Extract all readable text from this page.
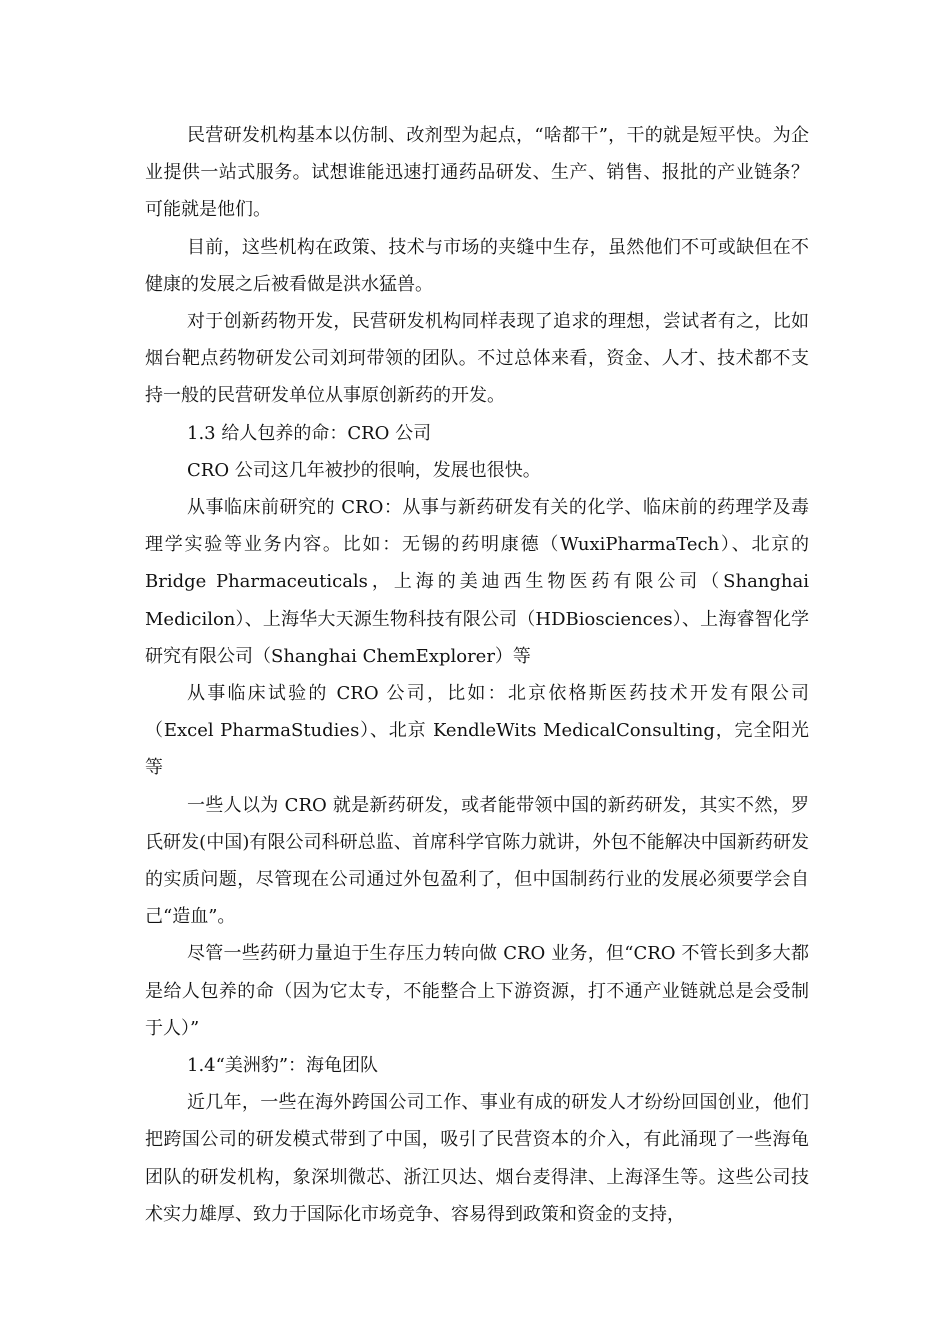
民营研发机构基本以仿制、改剂型为起点，“啥都干”，干的就是短平快。为企业提供一站式服务。试想谁能迅速打通药品研发、生产、销售、报批的产业链条？可能就是他们。

目前，这些机构在政策、技术与市场的夹缝中生存，虽然他们不可或缺但在不健康的发展之后被看做是洪水猛兽。

对于创新药物开发，民营研发机构同样表现了追求的理想，尝试者有之，比如烟台靶点药物研发公司刘珂带领的团队。不过总体来看，资金、人才、技术都不支持一般的民营研发单位从事原创新药的开发。

1.3 给人包养的命：CRO 公司

CRO 公司这几年被抄的很响，发展也很快。

从事临床前研究的 CRO：从事与新药研发有关的化学、临床前的药理学及毒理学实验等业务内容。比如：无锡的药明康德（WuxiPharmaTech）、北京的 Bridge Pharmaceuticals，上海的美迪西生物医药有限公司（Shanghai Medicilon）、上海华大天源生物科技有限公司（HDBiosciences）、上海睿智化学研究有限公司（Shanghai ChemExplorer）等

从事临床试验的 CRO 公司，比如：北京依格斯医药技术开发有限公司（Excel PharmaStudies）、北京 KendleWits MedicalConsulting，完全阳光等

一些人以为 CRO 就是新药研发，或者能带领中国的新药研发，其实不然，罗氏研发(中国)有限公司科研总监、首席科学官陈力就讲，外包不能解决中国新药研发的实质问题，尽管现在公司通过外包盈利了，但中国制药行业的发展必须要学会自己“造血”。

尽管一些药研力量迫于生存压力转向做 CRO 业务，但“CRO 不管长到多大都是给人包养的命（因为它太专，不能整合上下游资源，打不通产业链就总是会受制于人）”

1.4“美洲豹”：海龟团队

近几年，一些在海外跨国公司工作、事业有成的研发人才纷纷回国创业，他们把跨国公司的研发模式带到了中国，吸引了民营资本的介入，有此涌现了一些海龟团队的研发机构，象深圳微芯、浙江贝达、烟台麦得津、上海泽生等。这些公司技术实力雄厚、致力于国际化市场竞争、容易得到政策和资金的支持，
